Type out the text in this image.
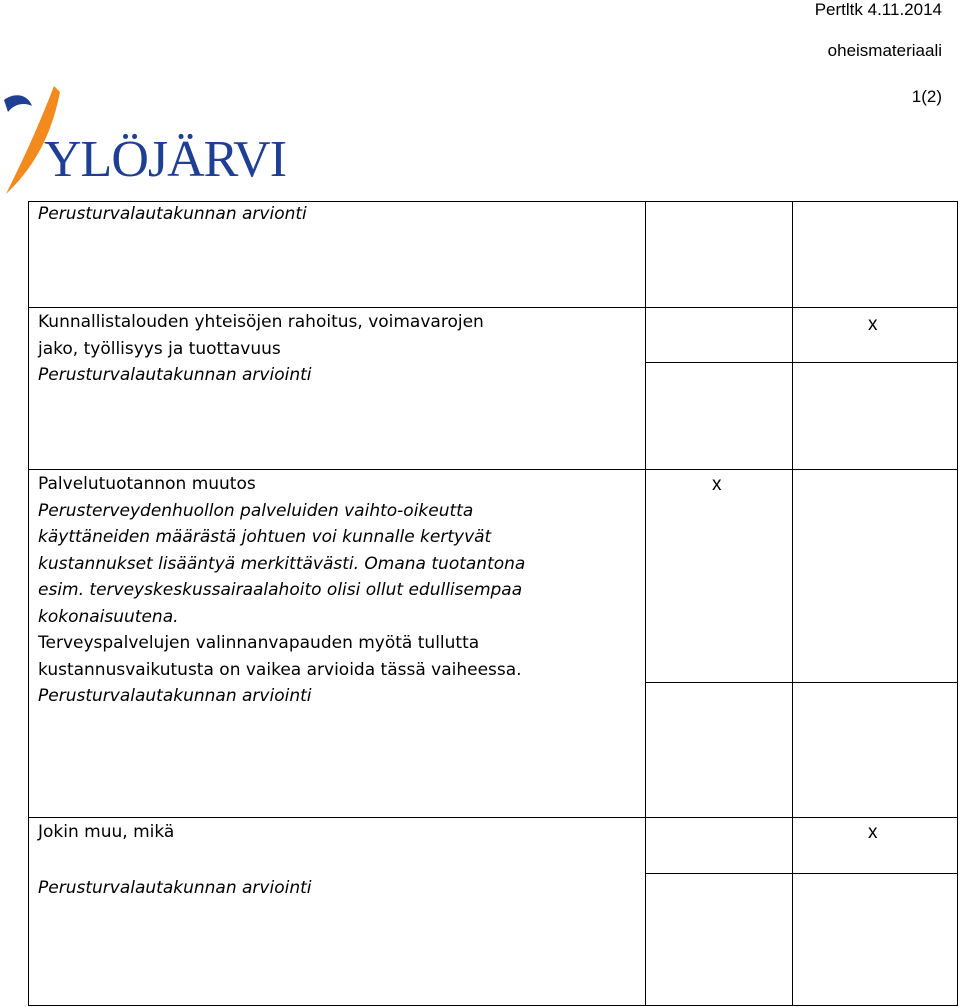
Pertltk 4.11.2014
oheismateriaali
1(2)
YLÖJÄRVI
Perusturvalautakunnan arvionti
Kunnallistalouden yhteisöjen rahoitus, voimavarojen
jako, työllisyys ja tuottavuus
Perusturvalautakunnan arviointi
x
Palvelutuotannon muutos
Perusterveydenhuollon palveluiden vaihto-oikeutta
käyttäneiden määrästä johtuen voi kunnalle kertyvät
kustannukset lisääntyä merkittävästi. Omana tuotantona
esim. terveyskeskussairaalahoito olisi ollut edullisempaa
kokonaisuutena.
Terveyspalvelujen valinnanvapauden myötä tullutta
kustannusvaikutusta on vaikea arvioida tässä vaiheessa.
Perusturvalautakunnan arviointi
x
Jokin muu, mikä
Perusturvalautakunnan arviointi
x
